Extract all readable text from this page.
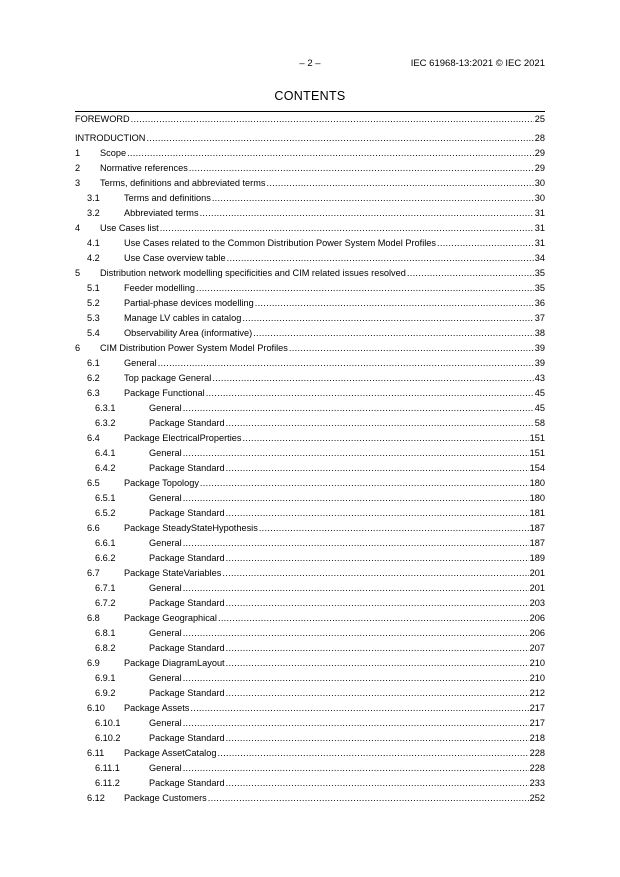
– 2 –	IEC 61968-13:2021 © IEC 2021
CONTENTS
FOREWORD .....	25
INTRODUCTION .....	28
1	Scope .....	29
2	Normative references .....	29
3	Terms, definitions and abbreviated terms .....	30
3.1	Terms and definitions .....	30
3.2	Abbreviated terms .....	31
4	Use Cases list .....	31
4.1	Use Cases related to the Common Distribution Power System Model Profiles .....	31
4.2	Use Case overview table .....	34
5	Distribution network modelling specificities and CIM related issues resolved .....	35
5.1	Feeder modelling .....	35
5.2	Partial-phase devices modelling .....	36
5.3	Manage LV cables in catalog .....	37
5.4	Observability Area (informative) .....	38
6	CIM Distribution Power System Model Profiles .....	39
6.1	General .....	39
6.2	Top package General .....	43
6.3	Package Functional .....	45
6.3.1	General .....	45
6.3.2	Package Standard .....	58
6.4	Package ElectricalProperties .....	151
6.4.1	General .....	151
6.4.2	Package Standard .....	154
6.5	Package Topology .....	180
6.5.1	General .....	180
6.5.2	Package Standard .....	181
6.6	Package SteadyStateHypothesis .....	187
6.6.1	General .....	187
6.6.2	Package Standard .....	189
6.7	Package StateVariables .....	201
6.7.1	General .....	201
6.7.2	Package Standard .....	203
6.8	Package Geographical .....	206
6.8.1	General .....	206
6.8.2	Package Standard .....	207
6.9	Package DiagramLayout .....	210
6.9.1	General .....	210
6.9.2	Package Standard .....	212
6.10	Package Assets .....	217
6.10.1	General .....	217
6.10.2	Package Standard .....	218
6.11	Package AssetCatalog .....	228
6.11.1	General .....	228
6.11.2	Package Standard .....	233
6.12	Package Customers .....	252
